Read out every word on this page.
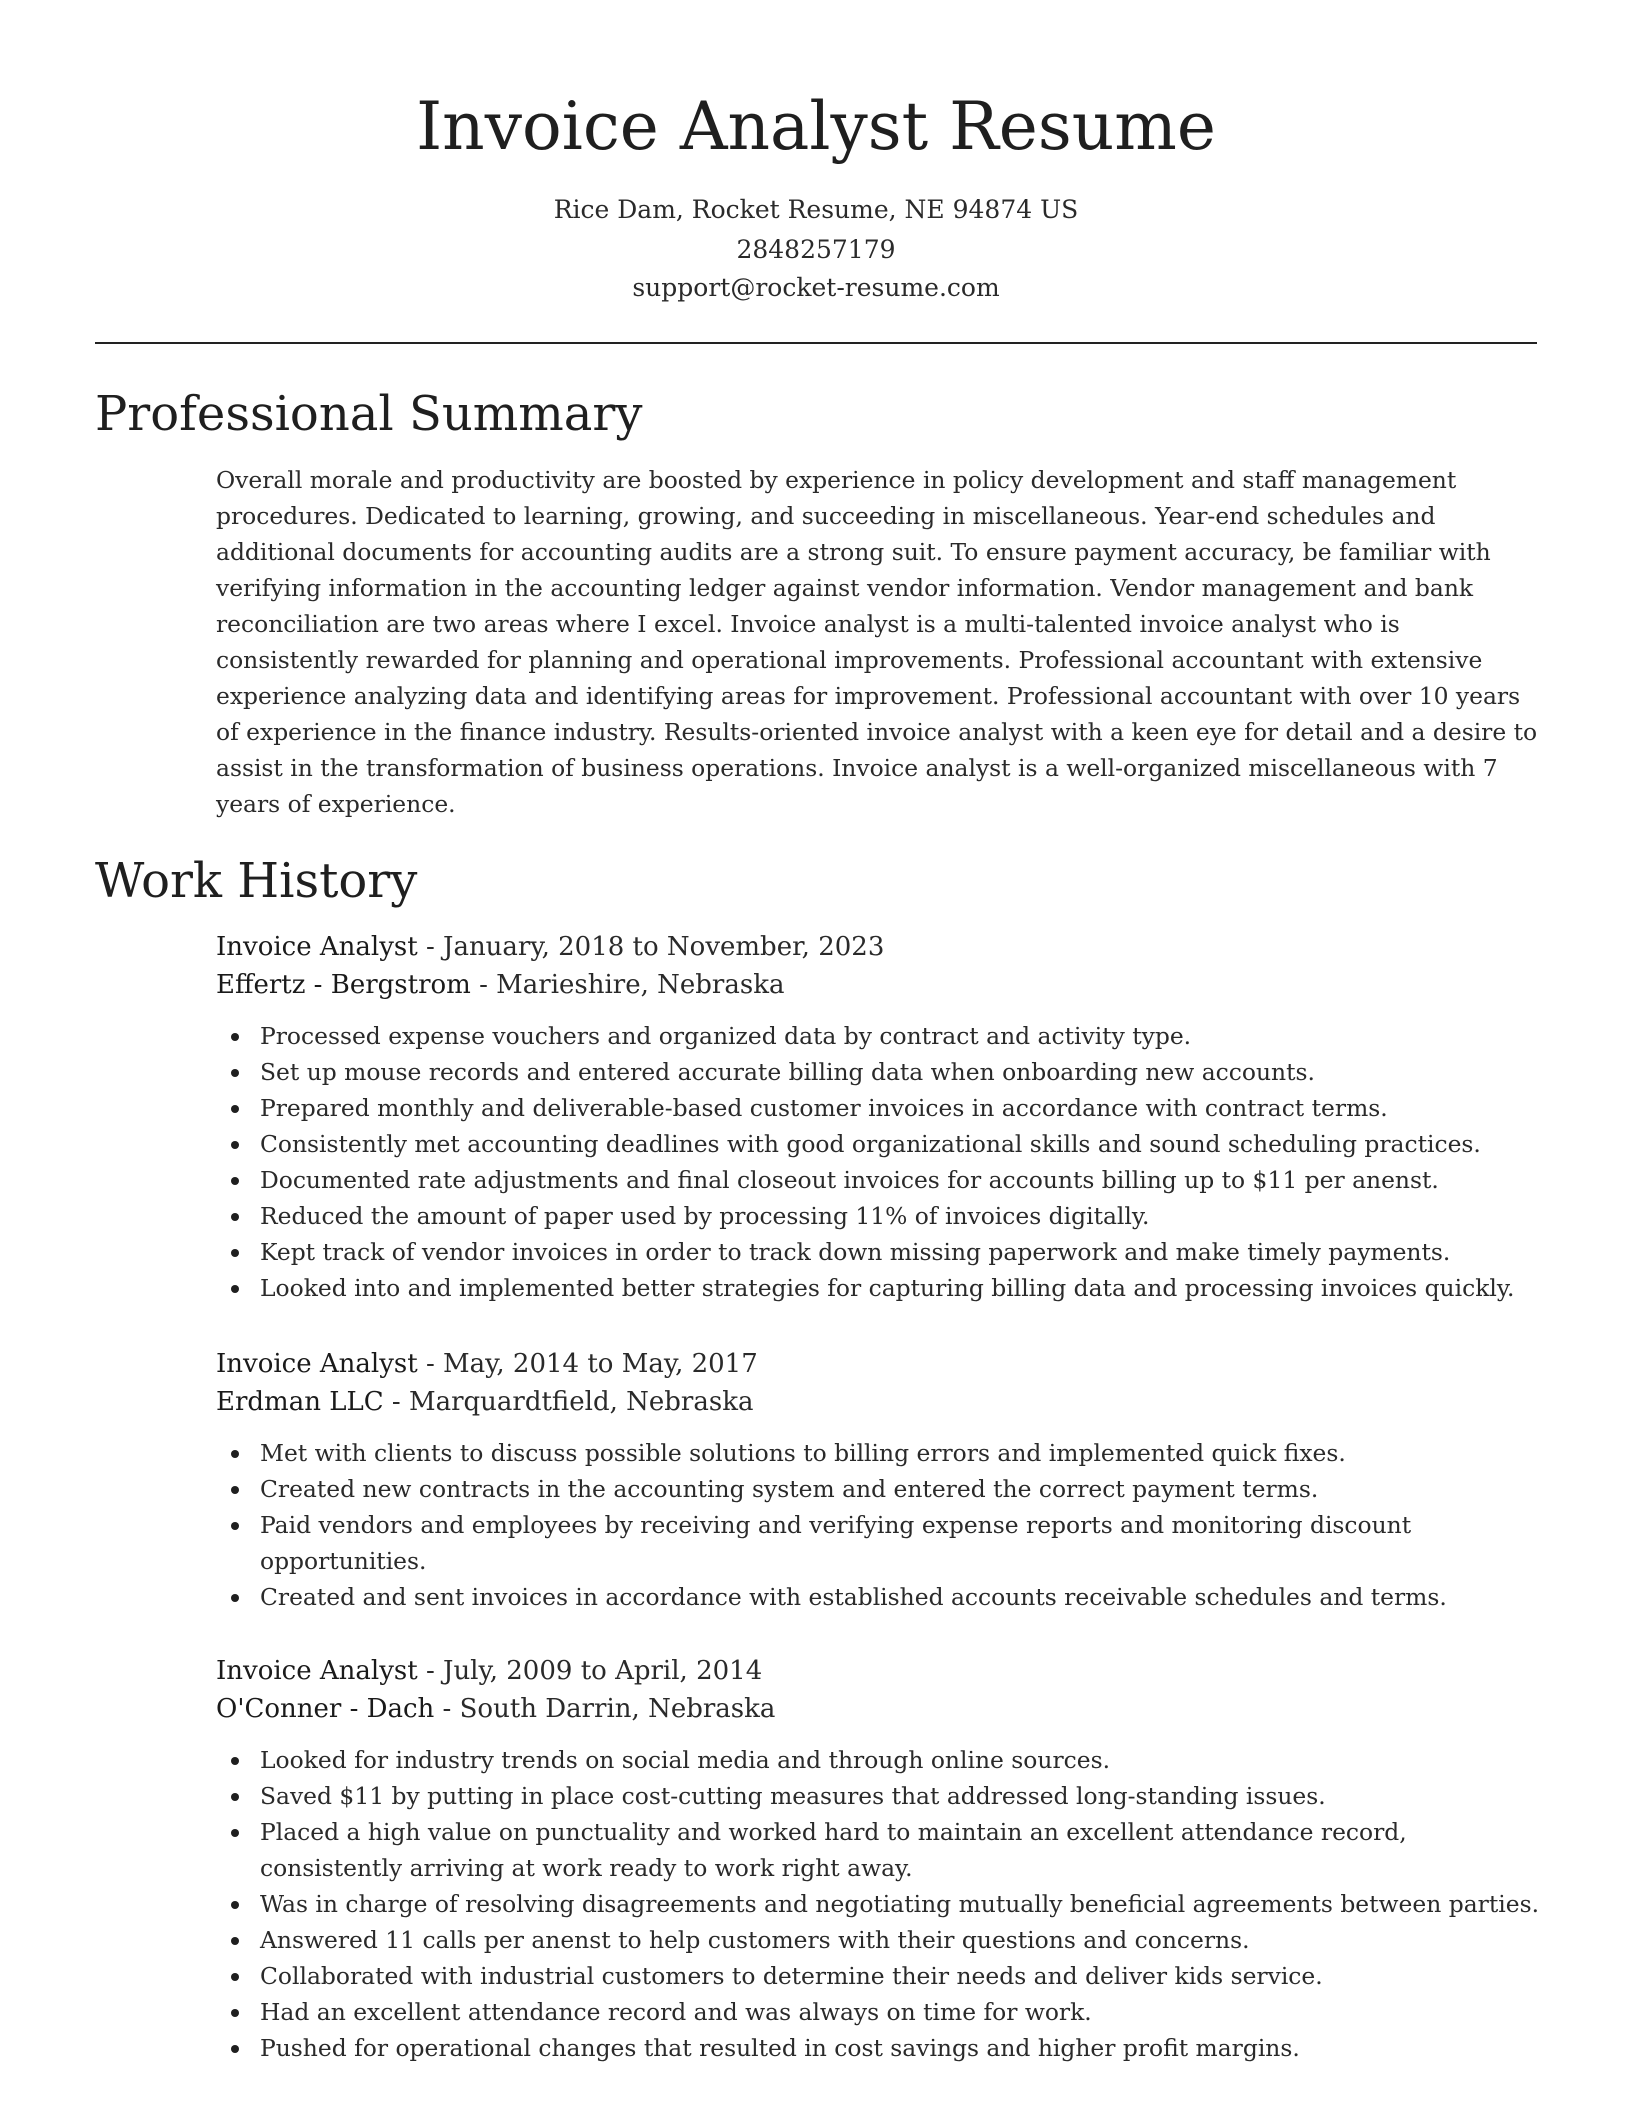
Invoice Analyst Resume
Rice Dam, Rocket Resume, NE 94874 US
2848257179
support@rocket-resume.com
Professional Summary

Overall morale and productivity are boosted by experience in policy development and staff management procedures. Dedicated to learning, growing, and succeeding in miscellaneous. Year-end schedules and additional documents for accounting audits are a strong suit. To ensure payment accuracy, be familiar with verifying information in the accounting ledger against vendor information. Vendor management and bank reconciliation are two areas where I excel. Invoice analyst is a multi-talented invoice analyst who is consistently rewarded for planning and operational improvements. Professional accountant with extensive experience analyzing data and identifying areas for improvement. Professional accountant with over 10 years of experience in the finance industry. Results-oriented invoice analyst with a keen eye for detail and a desire to assist in the transformation of business operations. Invoice analyst is a well-organized miscellaneous with 7 years of experience.

Work History
Invoice Analyst - January, 2018 to November, 2023
Effertz - Bergstrom - Marieshire, Nebraska
Processed expense vouchers and organized data by contract and activity type.
Set up mouse records and entered accurate billing data when onboarding new accounts.
Prepared monthly and deliverable-based customer invoices in accordance with contract terms.
Consistently met accounting deadlines with good organizational skills and sound scheduling practices.
Documented rate adjustments and final closeout invoices for accounts billing up to $11 per anenst.
Reduced the amount of paper used by processing 11% of invoices digitally.
Kept track of vendor invoices in order to track down missing paperwork and make timely payments.
Looked into and implemented better strategies for capturing billing data and processing invoices quickly.
Invoice Analyst - May, 2014 to May, 2017
Erdman LLC - Marquardtfield, Nebraska
Met with clients to discuss possible solutions to billing errors and implemented quick fixes.
Created new contracts in the accounting system and entered the correct payment terms.
Paid vendors and employees by receiving and verifying expense reports and monitoring discount opportunities.
Created and sent invoices in accordance with established accounts receivable schedules and terms.
Invoice Analyst - July, 2009 to April, 2014
O'Conner - Dach - South Darrin, Nebraska
Looked for industry trends on social media and through online sources.
Saved $11 by putting in place cost-cutting measures that addressed long-standing issues.
Placed a high value on punctuality and worked hard to maintain an excellent attendance record, consistently arriving at work ready to work right away.
Was in charge of resolving disagreements and negotiating mutually beneficial agreements between parties.
Answered 11 calls per anenst to help customers with their questions and concerns.
Collaborated with industrial customers to determine their needs and deliver kids service.
Had an excellent attendance record and was always on time for work.
Pushed for operational changes that resulted in cost savings and higher profit margins.
